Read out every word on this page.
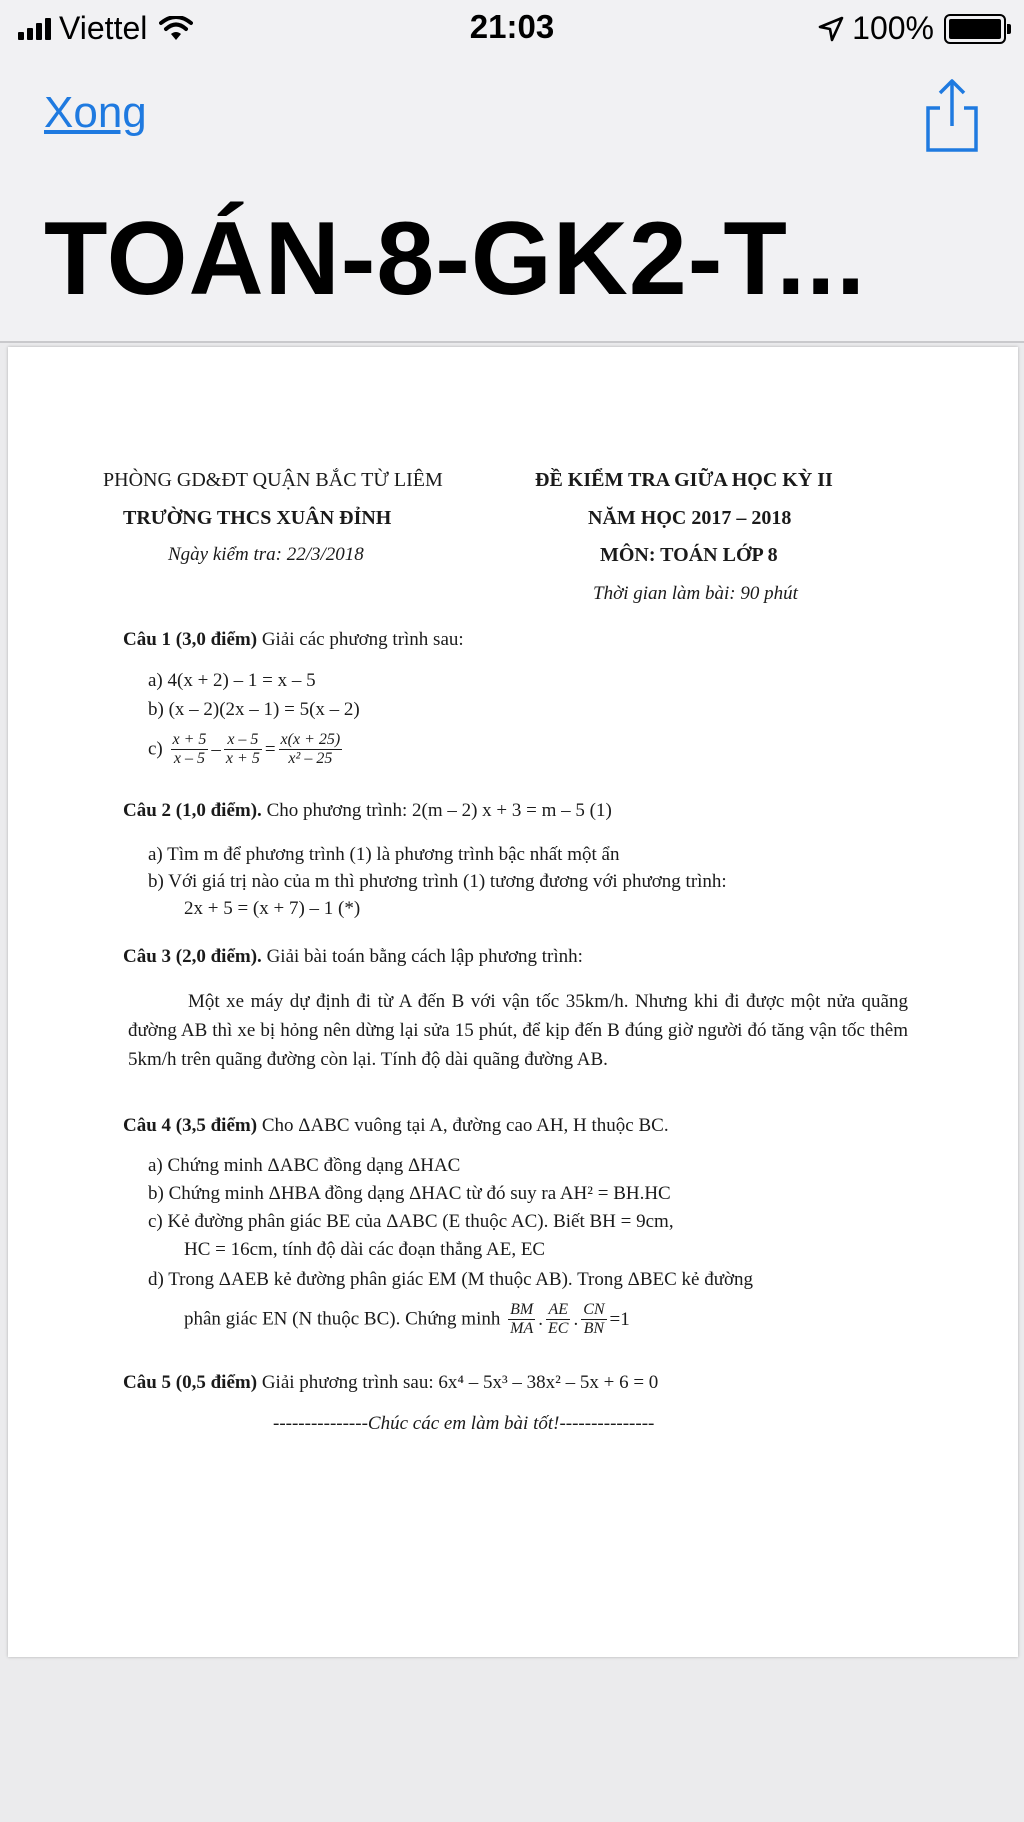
Viettel	21:03	100%
Xong
TOÁN-8-GK2-T...
PHÒNG GD&ĐT QUẬN BẮC TỪ LIÊM
TRƯỜNG THCS XUÂN ĐỈNH
Ngày kiểm tra: 22/3/2018
ĐỀ KIỂM TRA GIỮA HỌC KỲ II
NĂM HỌC 2017 – 2018
MÔN: TOÁN LỚP 8
Thời gian làm bài: 90 phút
Câu 1 (3,0 điểm) Giải các phương trình sau:
a) 4(x + 2) – 1 = x – 5
b) (x – 2)(2x – 1) = 5(x – 2)
$c) \frac{x + 5}{x - 5} - \frac{x - 5}{x + 5} = \frac{x(x + 25)}{\text{x² – 25}}$
Câu 2 (1,0 điểm). Cho phương trình: 2(m – 2) x + 3 = m – 5 (1)
a) Tìm m để phương trình (1) là phương trình bậc nhất một ẩn
b) Với giá trị nào của m thì phương trình (1) tương đương với phương trình:
2x + 5 = (x + 7) – 1 (*)
Câu 3 (2,0 điểm). Giải bài toán bằng cách lập phương trình:
Một xe máy dự định đi từ A đến B với vận tốc 35km/h. Nhưng khi đi được một nửa quãng đường AB thì xe bị hỏng nên dừng lại sửa 15 phút, để kịp đến B đúng giờ người đó tăng vận tốc thêm 5km/h trên quãng đường còn lại. Tính độ dài quãng đường AB.
Câu 4 (3,5 điểm) Cho ΔABC vuông tại A, đường cao AH, H thuộc BC.
a) Chứng minh ΔABC đồng dạng ΔHAC
b) Chứng minh ΔHBA đồng dạng ΔHAC từ đó suy ra AH² = BH.HC
c) Kẻ đường phân giác BE của ΔABC (E thuộc AC). Biết BH = 9cm,
HC = 16cm, tính độ dài các đoạn thẳng AE, EC
d) Trong ΔAEB kẻ đường phân giác EM (M thuộc AB). Trong ΔBEC kẻ đường
phân giác EN (N thuộc BC). Chứng minh $\frac{BM}{MA}$ . $\frac{AE}{EC}$ . $\frac{CN}{BN} =1$
Câu 5 (0,5 điểm) Giải phương trình sau: 6x⁴ – 5x³ – 38x² – 5x + 6 = 0
---------------Chúc các em làm bài tốt!---------------
